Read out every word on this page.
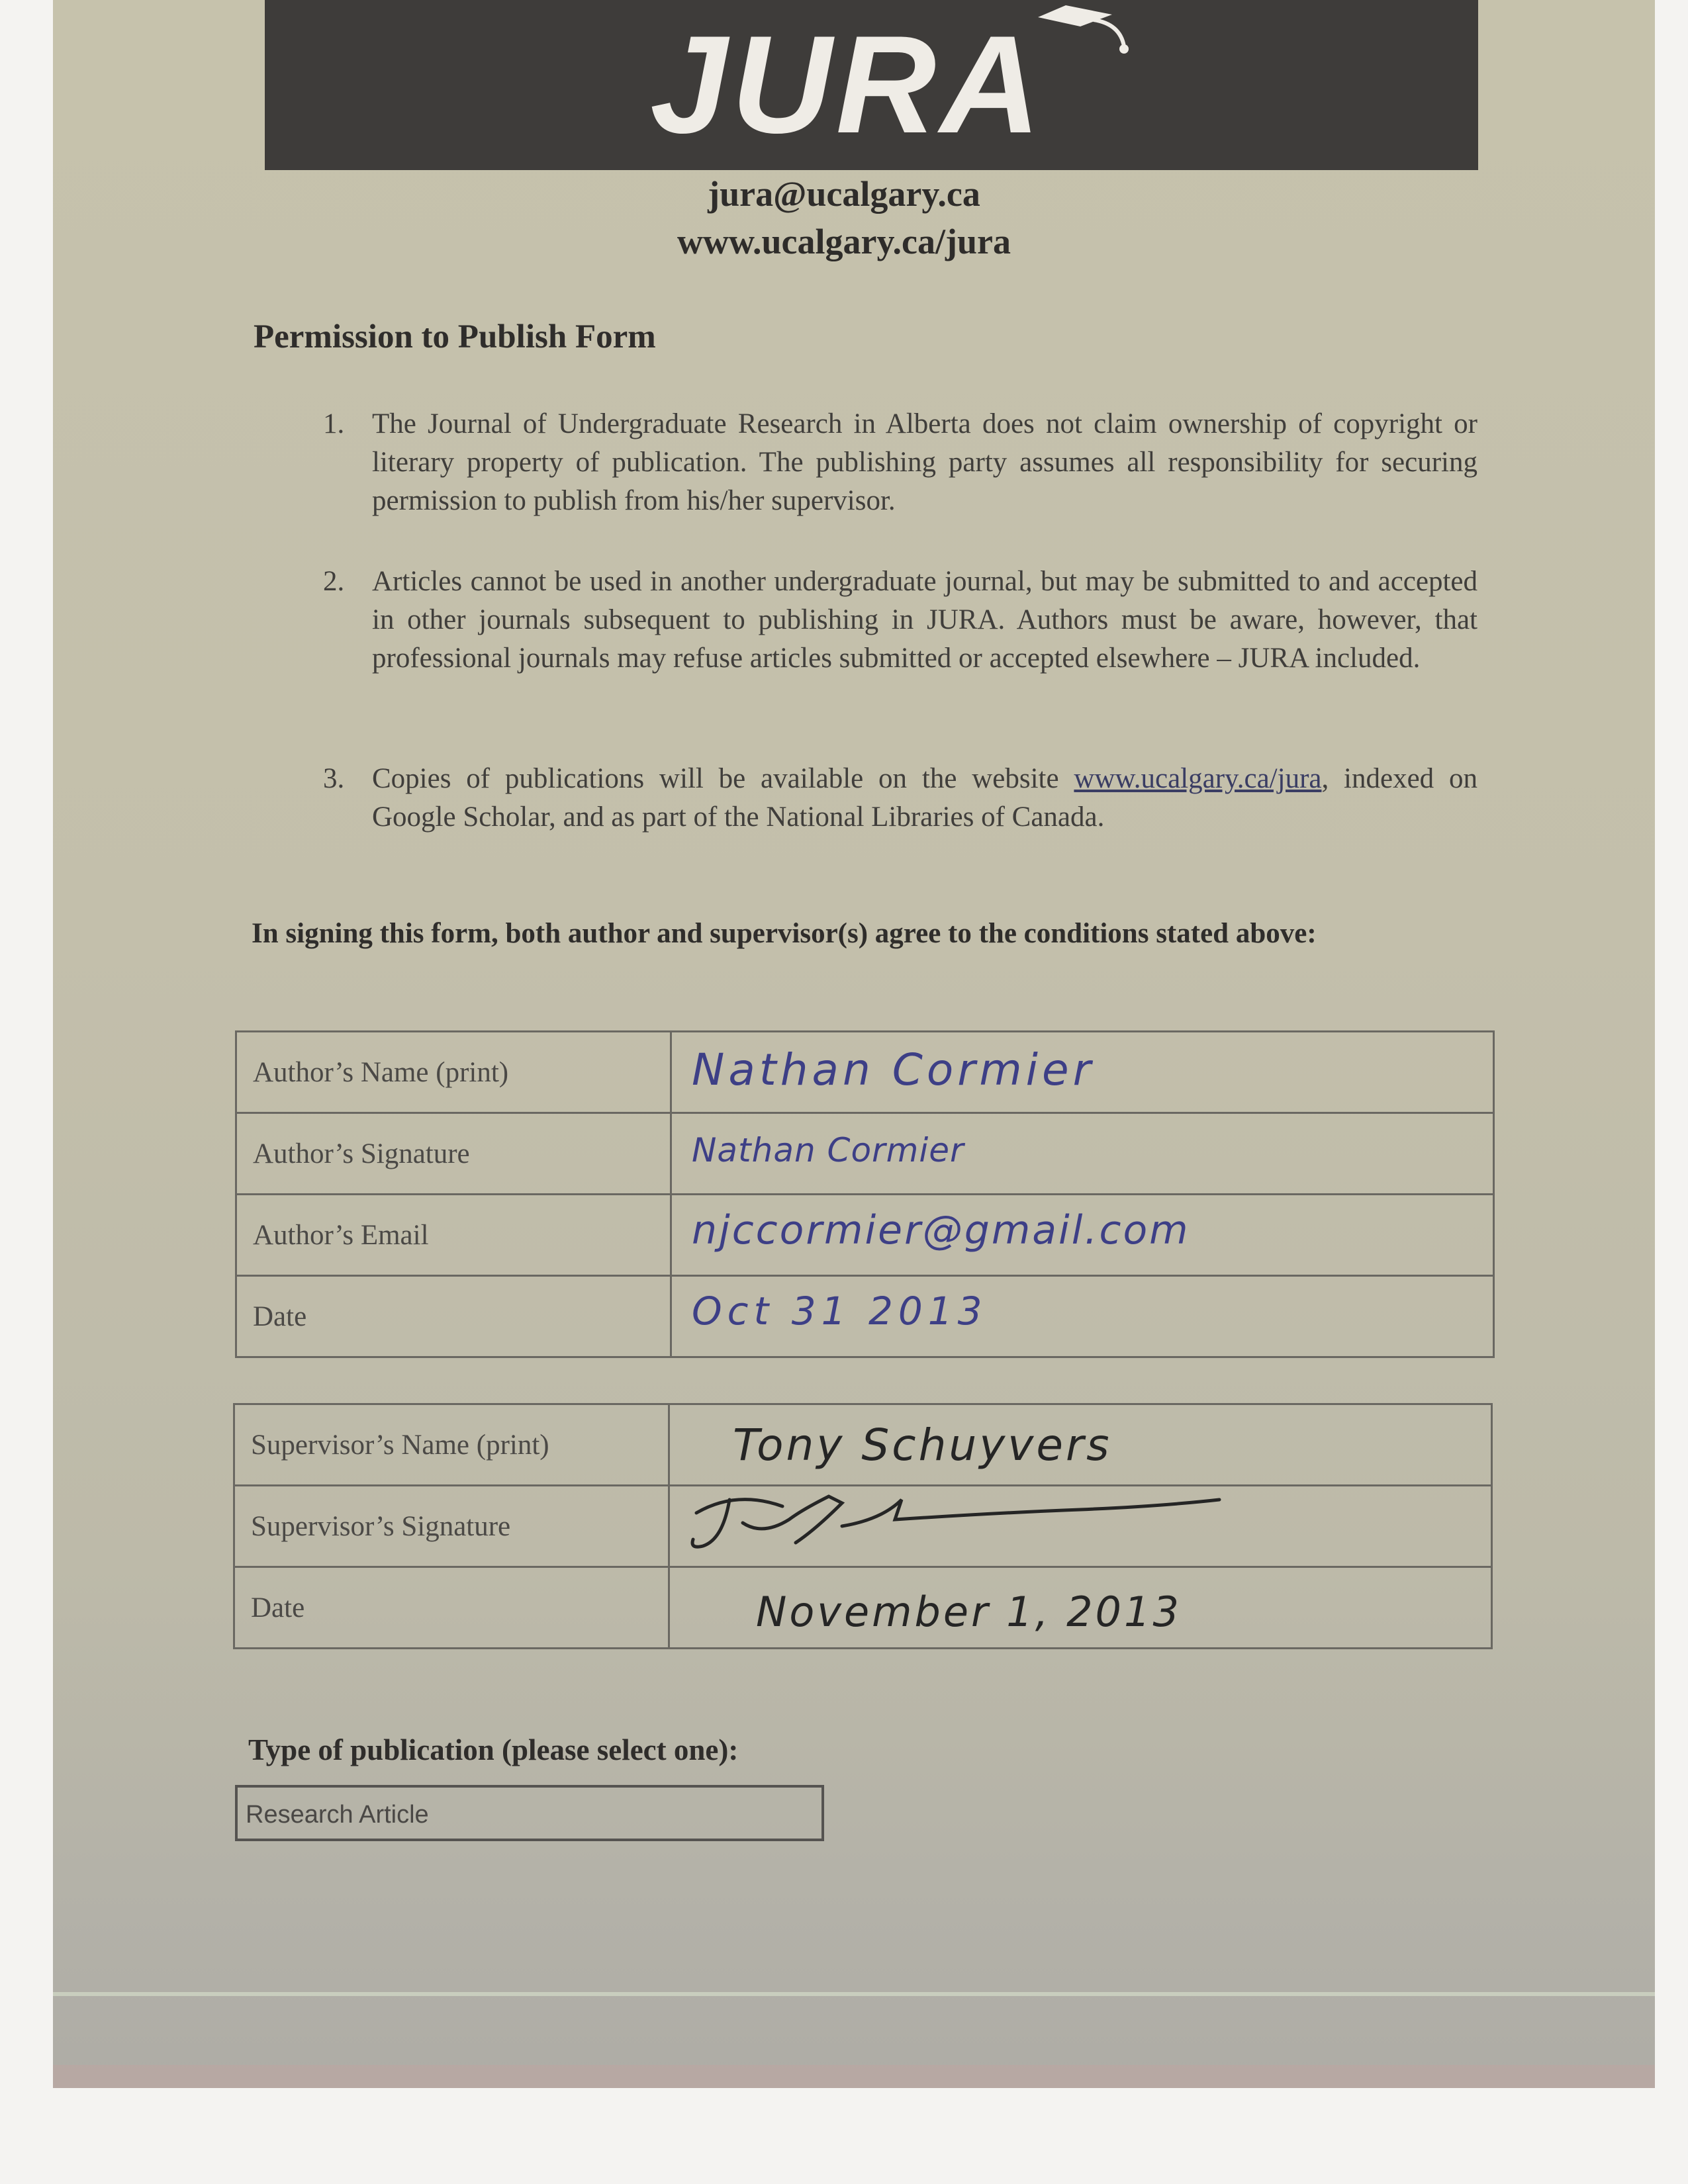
JURA
jura@ucalgary.ca
www.ucalgary.ca/jura
Permission to Publish Form
1. The Journal of Undergraduate Research in Alberta does not claim ownership of copyright or literary property of publication. The publishing party assumes all responsibility for securing permission to publish from his/her supervisor.
2. Articles cannot be used in another undergraduate journal, but may be submitted to and accepted in other journals subsequent to publishing in JURA. Authors must be aware, however, that professional journals may refuse articles submitted or accepted elsewhere – JURA included.
3. Copies of publications will be available on the website www.ucalgary.ca/jura, indexed on Google Scholar, and as part of the National Libraries of Canada.
In signing this form, both author and supervisor(s) agree to the conditions stated above:
Author’s Name (print)	Nathan Cormier

Author’s Signature	Nathan Cormier

Author’s Email	njccormier@gmail.com

Date	Oct 31 2013
Supervisor’s Name (print)	Tony Schuyvers

Supervisor’s Signature	

Date	November 1, 2013
Type of publication (please select one):
Research Article
